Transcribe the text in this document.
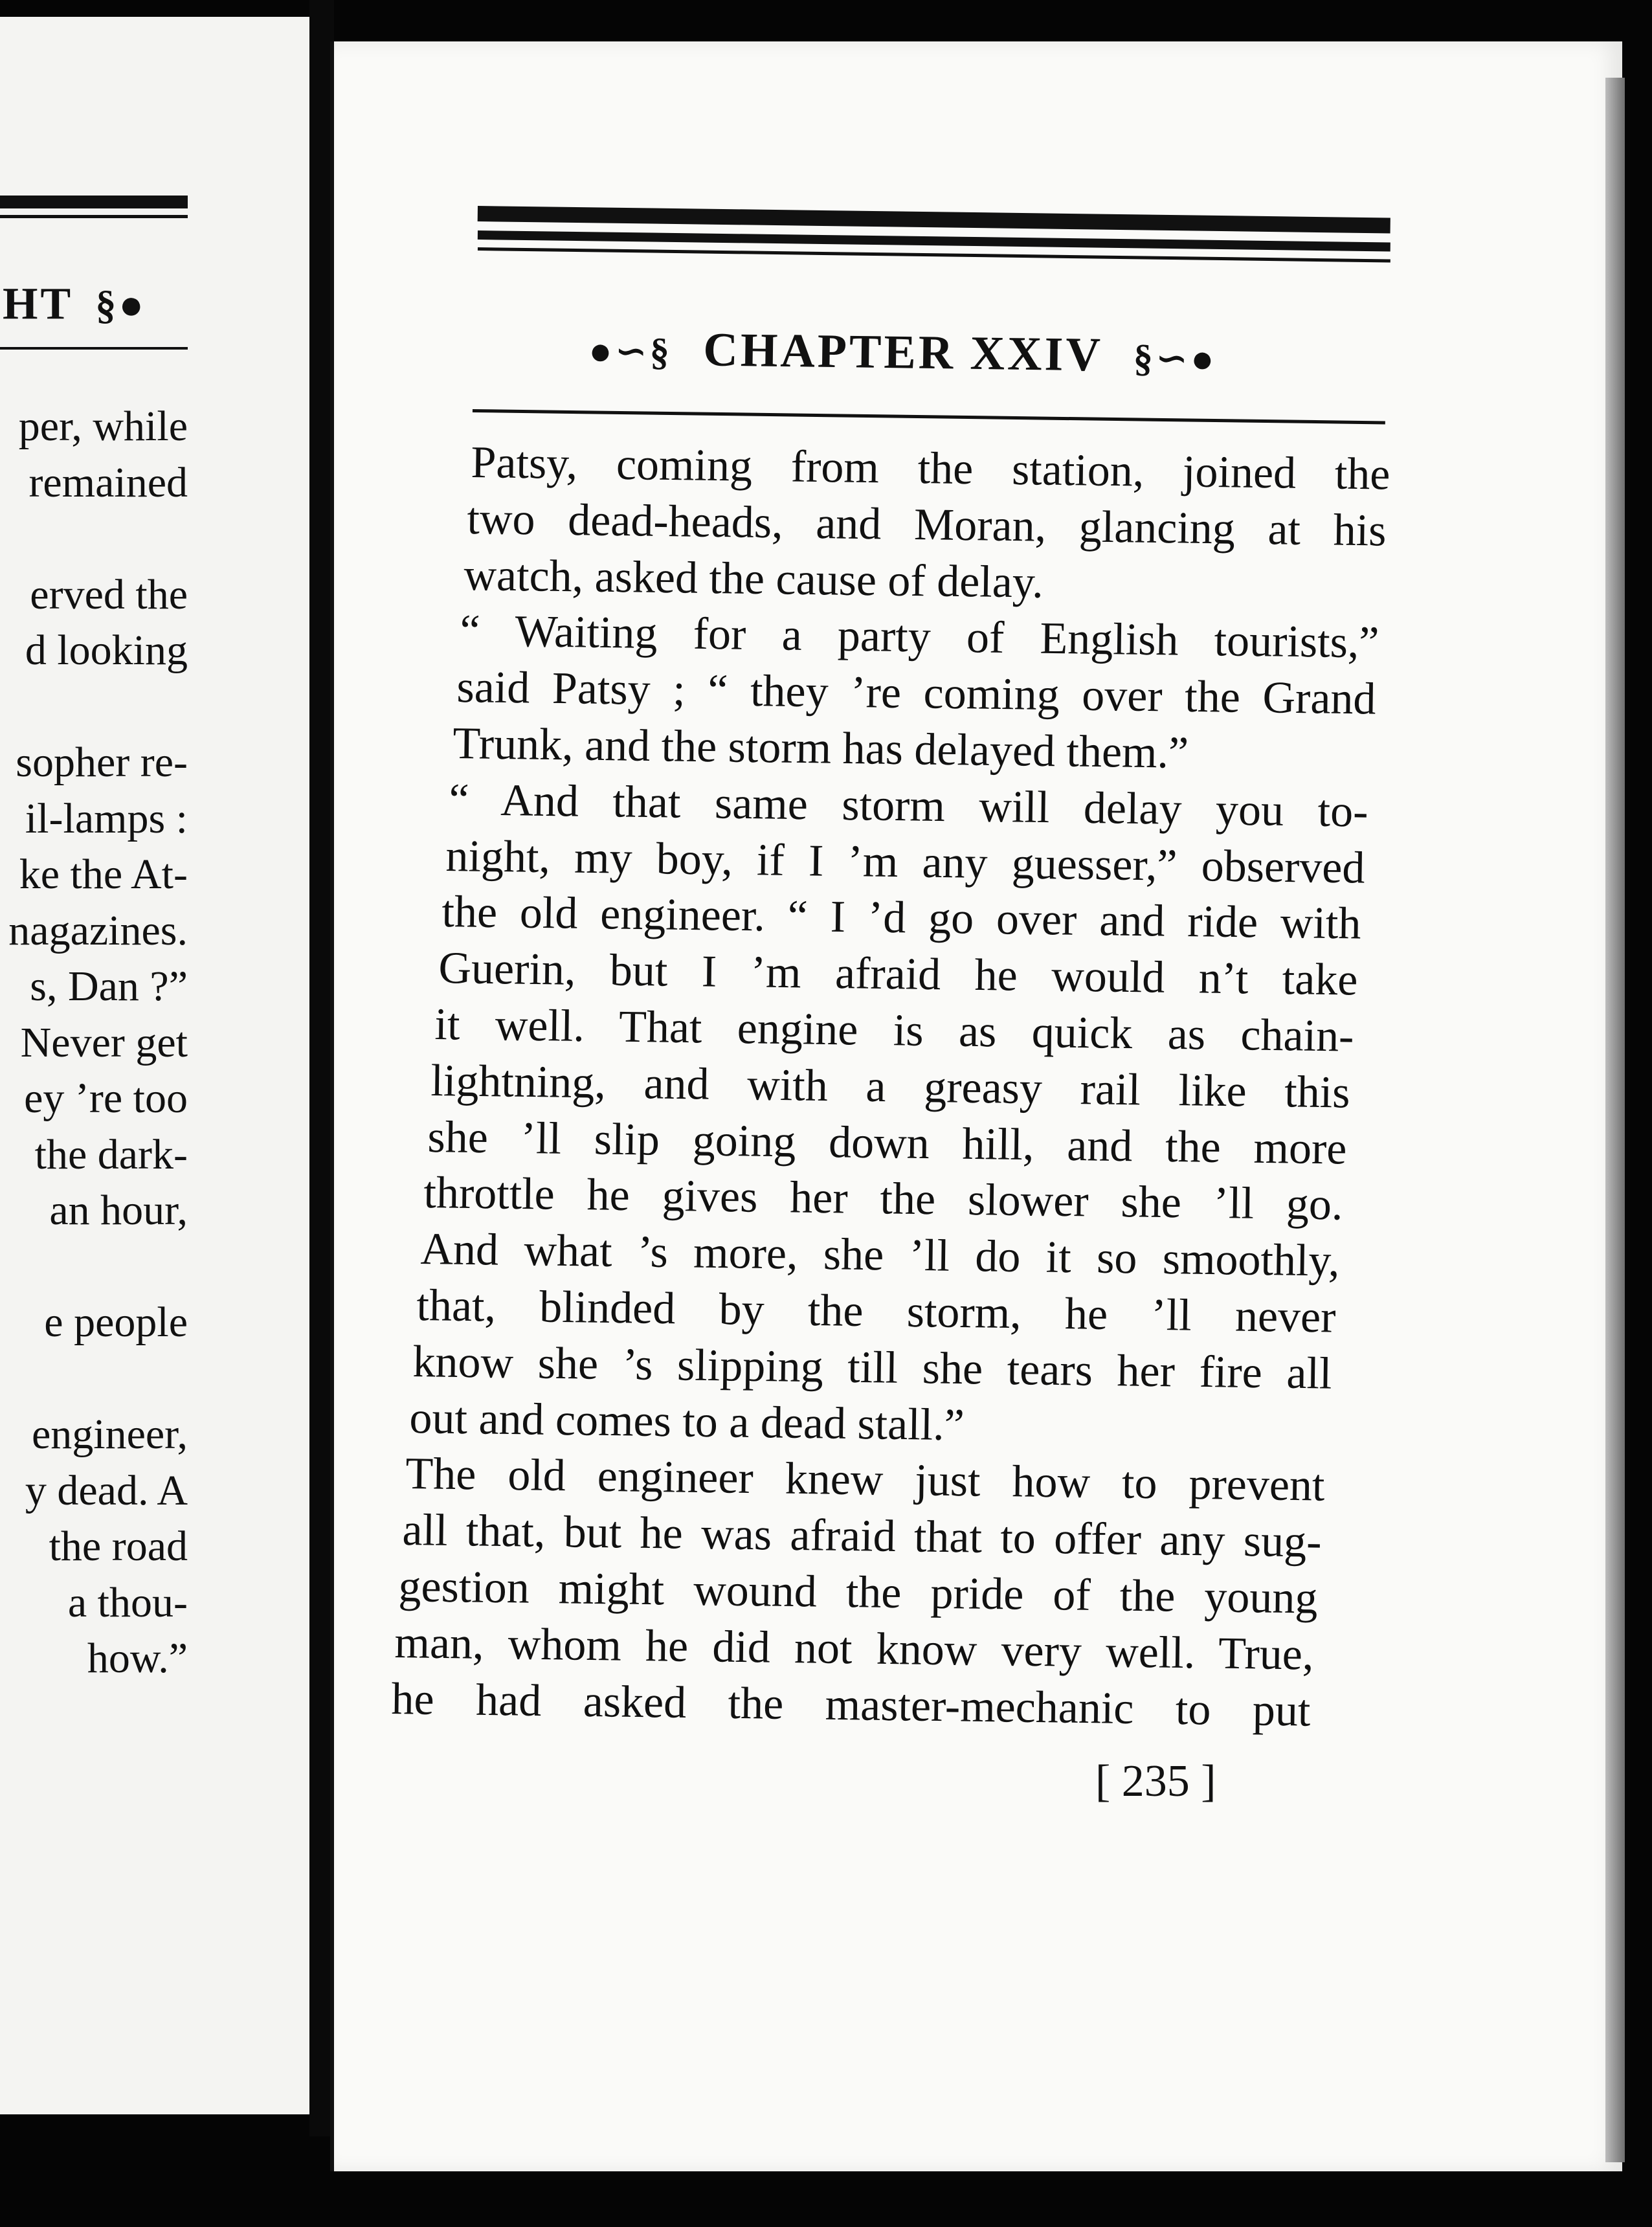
HT §●
per, while
remained
erved the
d looking
sopher re-
il-lamps :
ke the At-
nagazines.
s, Dan ?”
Never get
ey ’re too
the dark-
an hour,
e people
engineer,
y dead. A
the road
a thou-
how.”
●∽§ CHAPTER XXIV §∽●
Patsy, coming from the station, joined the
two dead-heads, and Moran, glancing at his
watch, asked the cause of delay.
“ Waiting for a party of English tourists,”
said Patsy ; “ they ’re coming over the Grand
Trunk, and the storm has delayed them.”
“ And that same storm will delay you to-
night, my boy, if I ’m any guesser,” observed
the old engineer. “ I ’d go over and ride with
Guerin, but I ’m afraid he would n’t take
it well. That engine is as quick as chain-
lightning, and with a greasy rail like this
she ’ll slip going down hill, and the more
throttle he gives her the slower she ’ll go.
And what ’s more, she ’ll do it so smoothly,
that, blinded by the storm, he ’ll never
know she ’s slipping till she tears her fire all
out and comes to a dead stall.”
The old engineer knew just how to prevent
all that, but he was afraid that to offer any sug-
gestion might wound the pride of the young
man, whom he did not know very well. True,
he had asked the master-mechanic to put
[ 235 ]
